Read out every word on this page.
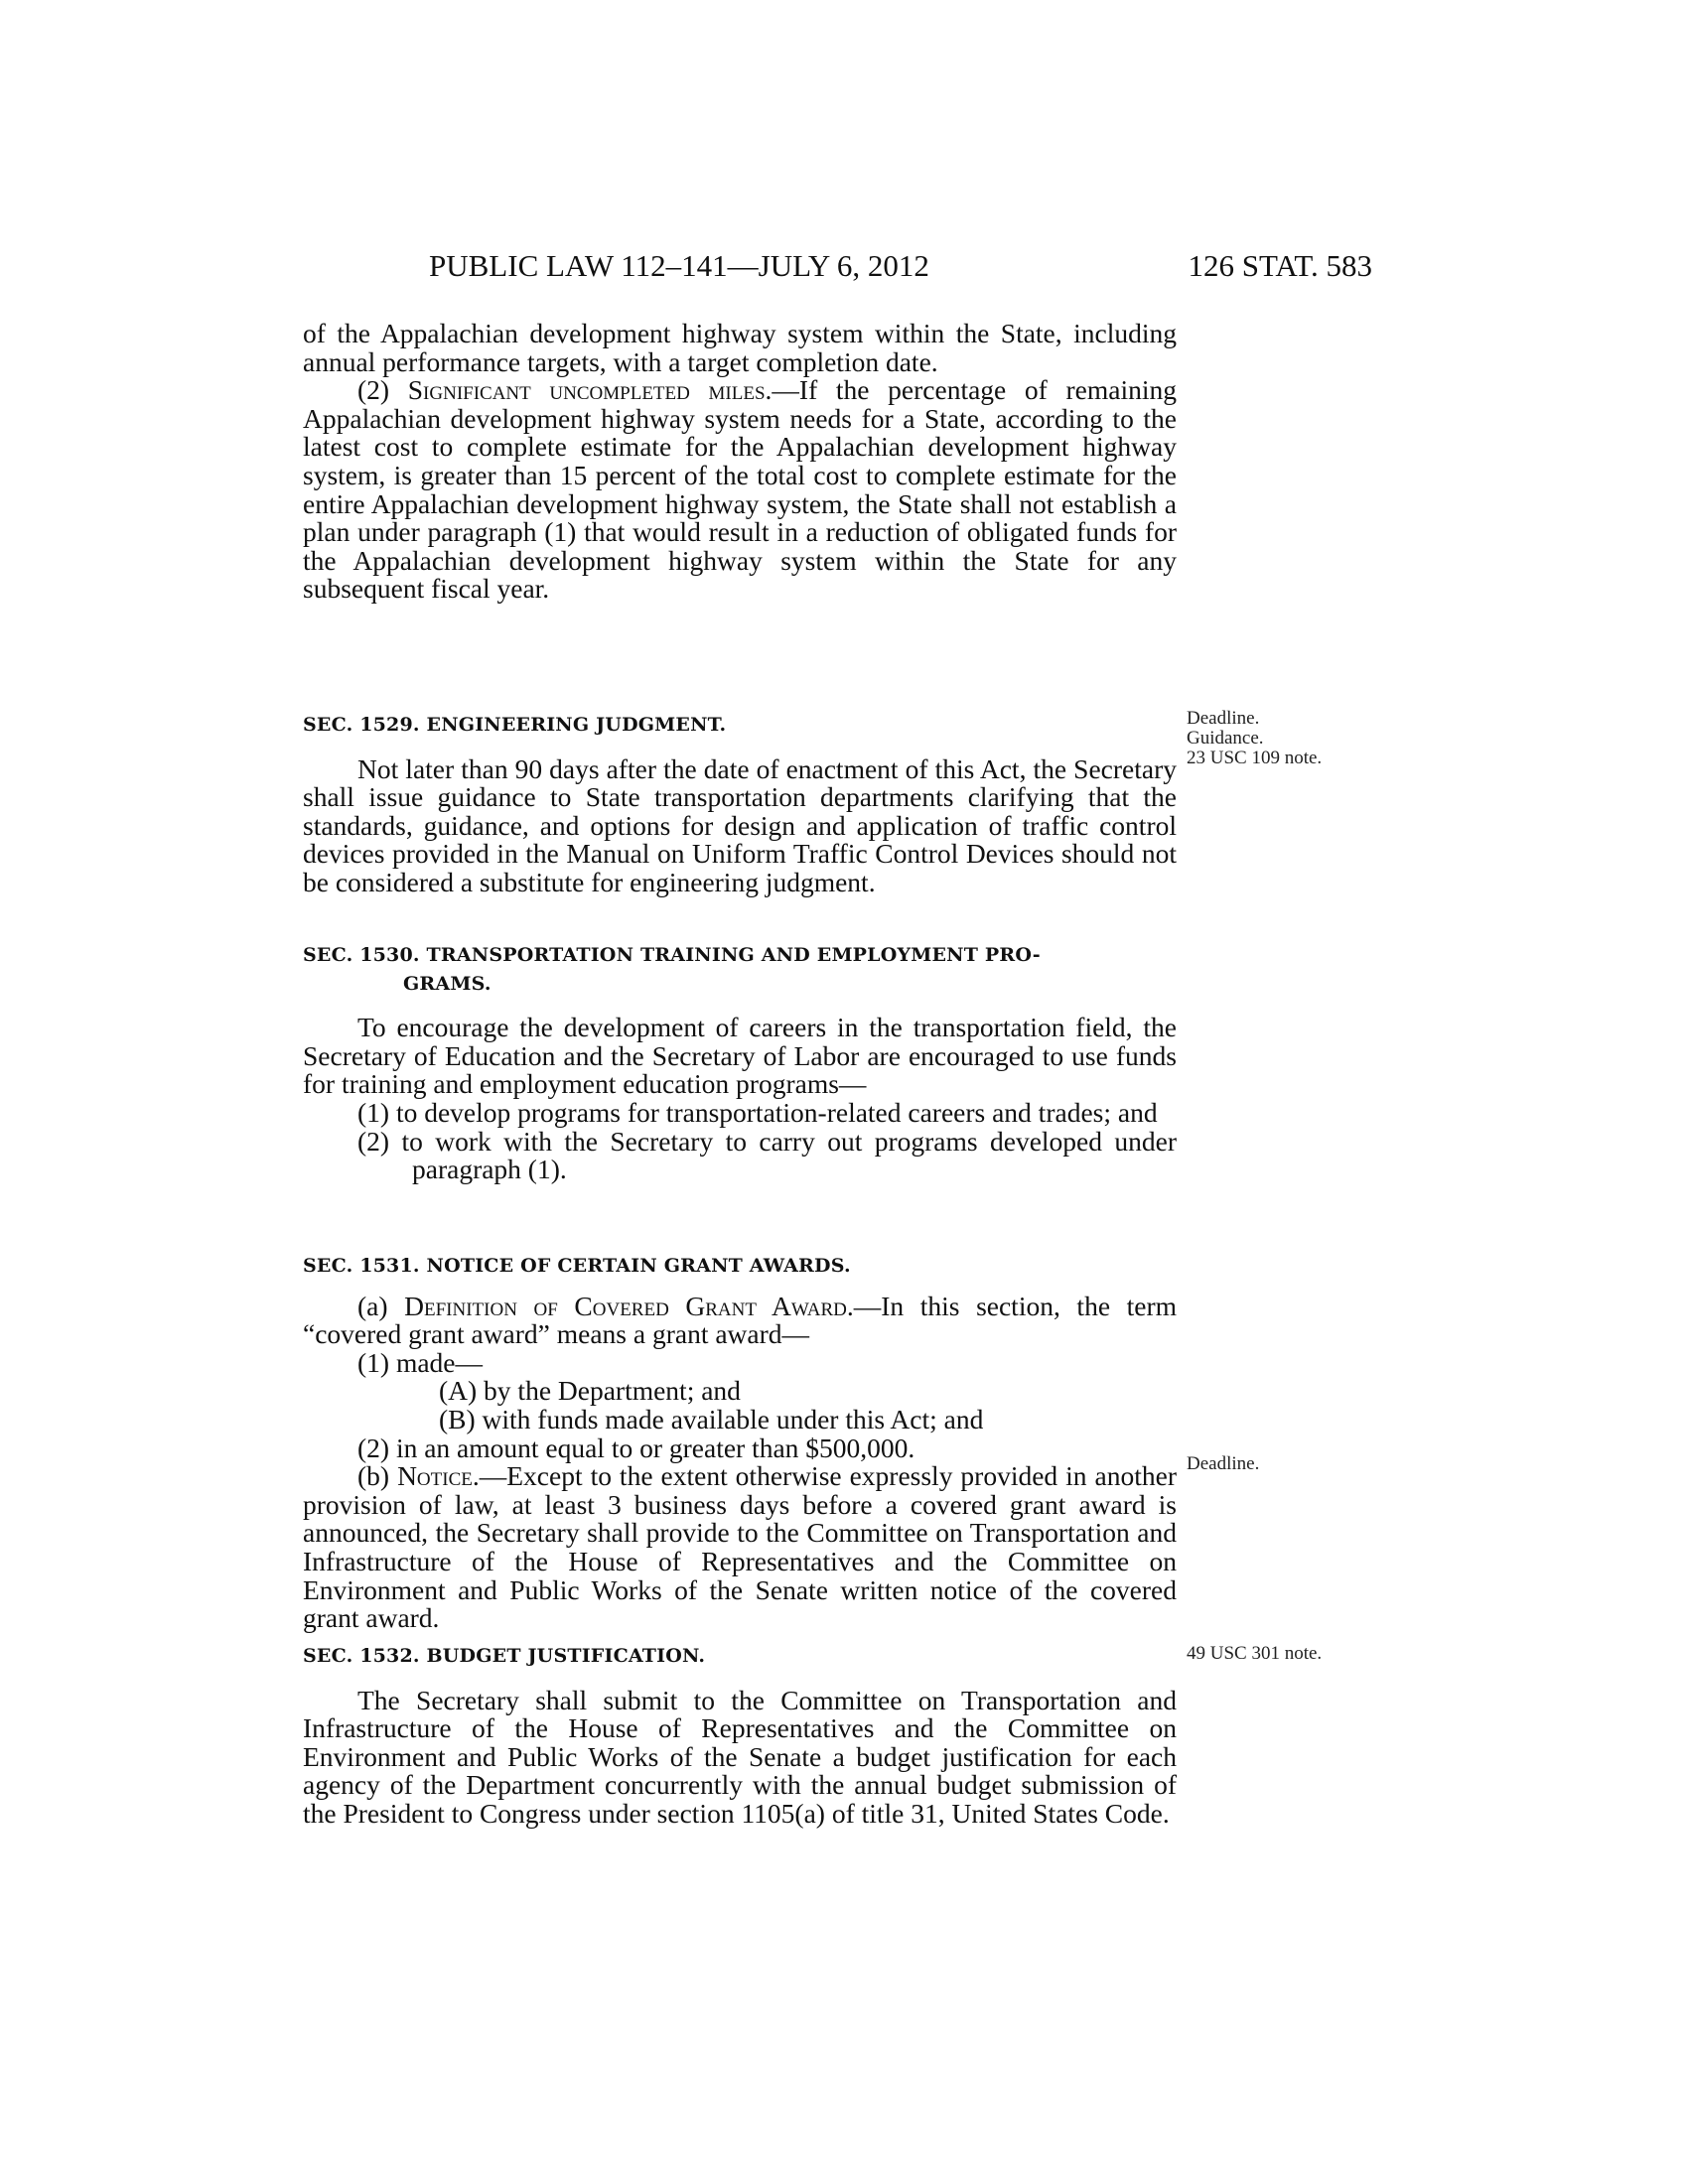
PUBLIC LAW 112–141—JULY 6, 2012	126 STAT. 583

of the Appalachian development highway system within the State, including annual performance targets, with a target completion date.

(2) Significant uncompleted miles.—If the percentage of remaining Appalachian development highway system needs for a State, according to the latest cost to complete estimate for the Appalachian development highway system, is greater than 15 percent of the total cost to complete estimate for the entire Appalachian development highway system, the State shall not establish a plan under paragraph (1) that would result in a reduction of obligated funds for the Appalachian development highway system within the State for any subsequent fiscal year.

SEC. 1529. ENGINEERING JUDGMENT.

Not later than 90 days after the date of enactment of this Act, the Secretary shall issue guidance to State transportation departments clarifying that the standards, guidance, and options for design and application of traffic control devices provided in the Manual on Uniform Traffic Control Devices should not be considered a substitute for engineering judgment.

Deadline.
Guidance.
23 USC 109 note.

SEC. 1530. TRANSPORTATION TRAINING AND EMPLOYMENT PRO-
GRAMS.

To encourage the development of careers in the transportation field, the Secretary of Education and the Secretary of Labor are encouraged to use funds for training and employment education programs—

(1) to develop programs for transportation-related careers and trades; and

(2) to work with the Secretary to carry out programs developed under paragraph (1).

SEC. 1531. NOTICE OF CERTAIN GRANT AWARDS.

(a) Definition of Covered Grant Award.—In this section, the term “covered grant award” means a grant award—

(1) made—

(A) by the Department; and

(B) with funds made available under this Act; and

(2) in an amount equal to or greater than $500,000.

(b) Notice.—Except to the extent otherwise expressly provided in another provision of law, at least 3 business days before a covered grant award is announced, the Secretary shall provide to the Committee on Transportation and Infrastructure of the House of Representatives and the Committee on Environment and Public Works of the Senate written notice of the covered grant award.

Deadline.

SEC. 1532. BUDGET JUSTIFICATION.

The Secretary shall submit to the Committee on Transportation and Infrastructure of the House of Representatives and the Committee on Environment and Public Works of the Senate a budget justification for each agency of the Department concurrently with the annual budget submission of the President to Congress under section 1105(a) of title 31, United States Code.

49 USC 301 note.
